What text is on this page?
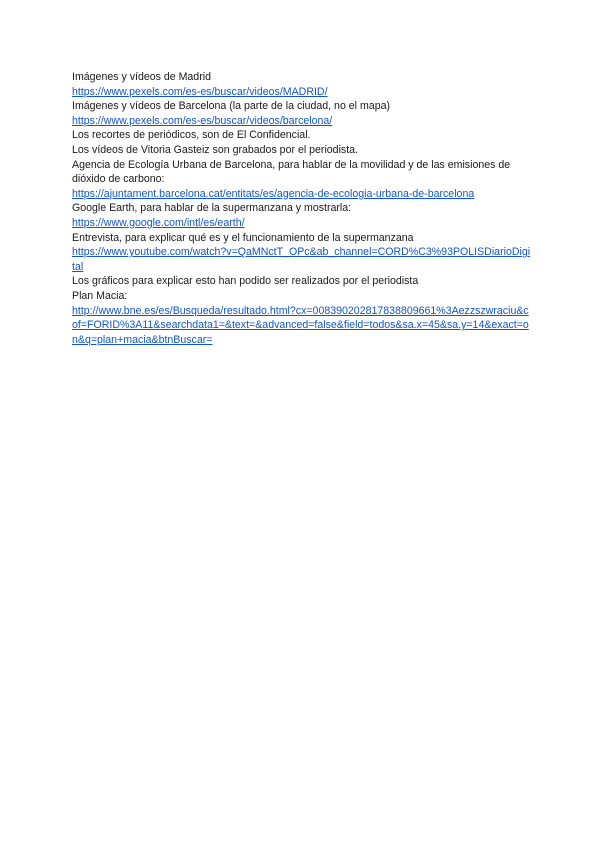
Imágenes y vídeos de Madrid
https://www.pexels.com/es-es/buscar/videos/MADRID/
Imágenes y vídeos de Barcelona (la parte de la ciudad, no el mapa)
https://www.pexels.com/es-es/buscar/videos/barcelona/
Los recortes de periódicos, son de El Confidencial.
Los vídeos de Vitoria Gasteiz son grabados por el periodista.
Agencia de Ecología Urbana de Barcelona, para hablar de la movilidad y de las emisiones de dióxido de carbono:
https://ajuntament.barcelona.cat/entitats/es/agencia-de-ecologia-urbana-de-barcelona
Google Earth, para hablar de la supermanzana y mostrarla:
https://www.google.com/intl/es/earth/
Entrevista, para explicar qué es y el funcionamiento de la supermanzana
https://www.youtube.com/watch?v=QaMNctT_OPc&ab_channel=CORD%C3%93POLISDiarioDigital
Los gráficos para explicar esto han podido ser realizados por el periodista
Plan Macia:
http://www.bne.es/es/Busqueda/resultado.html?cx=008390202817838809661%3Aezzszwraciu&cof=FORID%3A11&searchdata1=&text=&advanced=false&field=todos&sa.x=45&sa.y=14&exact=on&q=plan+macia&btnBuscar=
